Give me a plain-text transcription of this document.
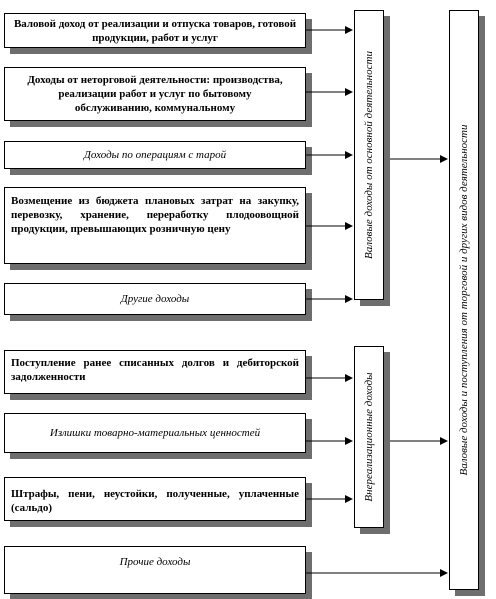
Валовой доход от реализации и отпуска товаров, готовой продукции, работ и услуг
Доходы от неторговой деятельности: производства, реализации работ и услуг по бытовому обслуживанию, коммунальному
Доходы по операциям с тарой
Возмещение из бюджета плановых затрат на закупку, перевозку, хранение, переработку плодоовощной продукции, превышающих розничную цену
Другие доходы
Поступление ранее списанных долгов и дебиторской задолженности
Излишки товарно-материальных ценностей
Штрафы, пени, неустойки, полученные, уплаченные (сальдо)
Прочие доходы
Валовые доходы от основной деятельности
Внереализационные доходы	Валовые доходы и поступления от торговой и других видов деятельности
